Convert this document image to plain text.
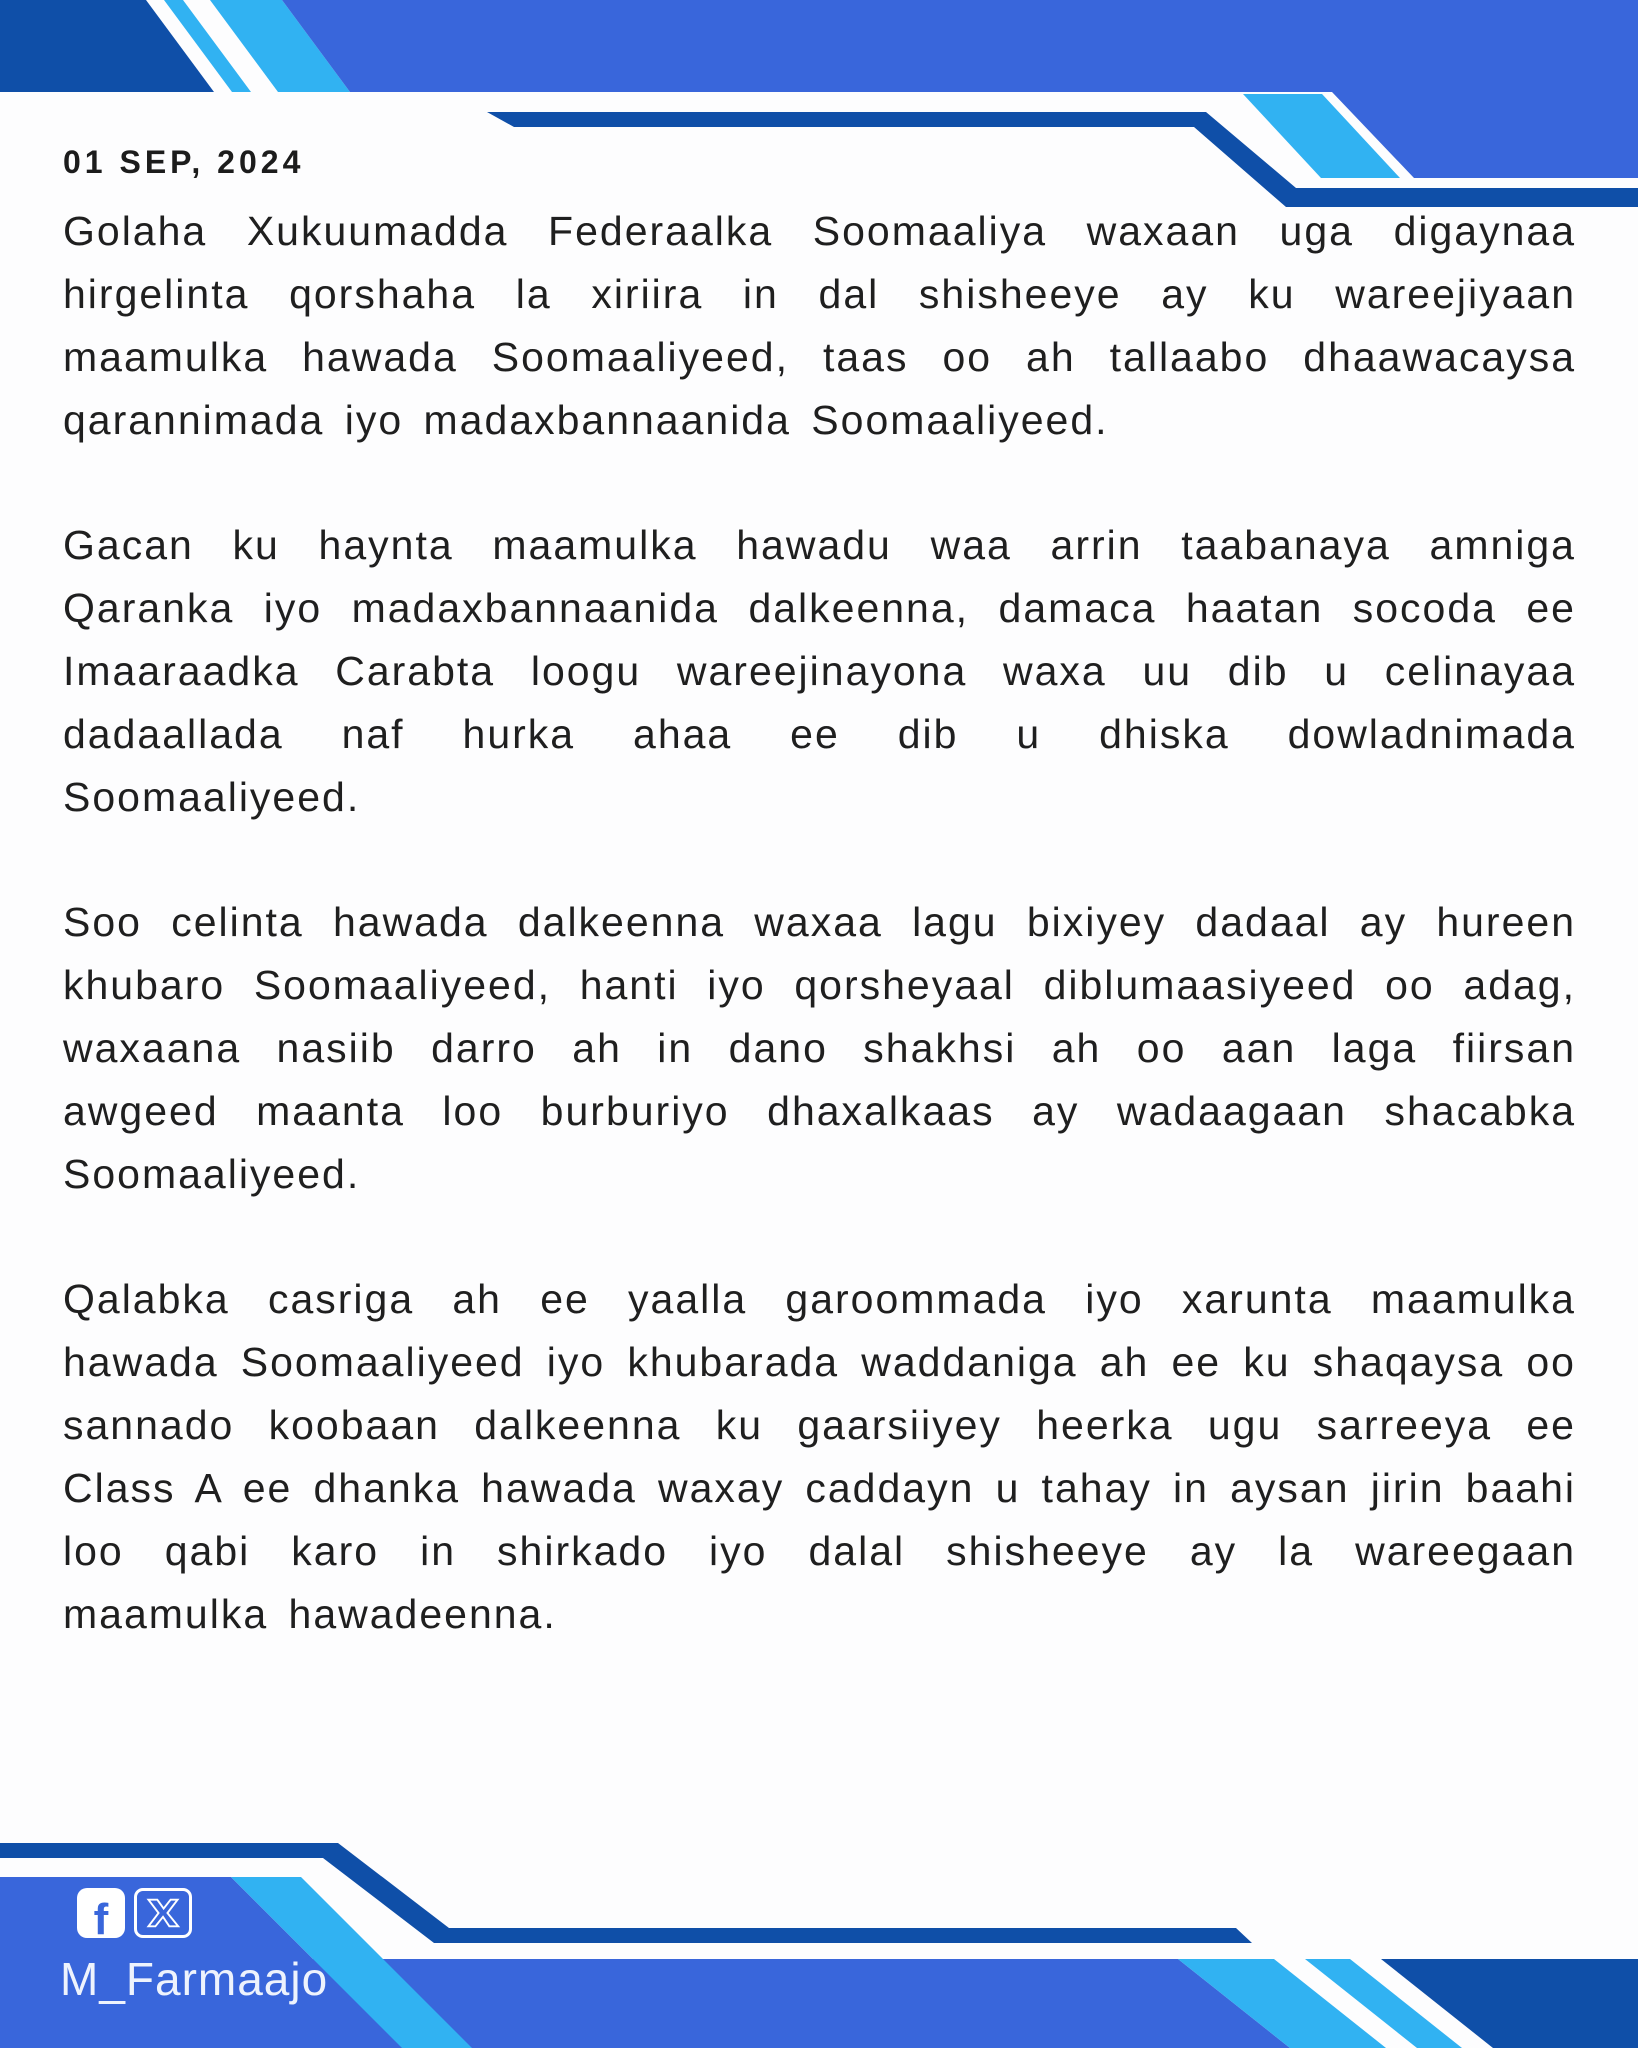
01 SEP, 2024

Golaha Xukuumadda Federaalka Soomaaliya waxaan uga digaynaa hirgelinta qorshaha la xiriira in dal shisheeye ay ku wareejiyaan maamulka hawada Soomaaliyeed, taas oo ah tallaabo dhaawacaysa qarannimada iyo madaxbannaanida Soomaaliyeed.

Gacan ku haynta maamulka hawadu waa arrin taabanaya amniga Qaranka iyo madaxbannaanida dalkeenna, damaca haatan socoda ee Imaaraadka Carabta loogu wareejinayona waxa uu dib u celinayaa dadaallada naf hurka ahaa ee dib u dhiska dowladnimada Soomaaliyeed.

Soo celinta hawada dalkeenna waxaa lagu bixiyey dadaal ay hureen khubaro Soomaaliyeed, hanti iyo qorsheyaal diblumaasiyeed oo adag, waxaana nasiib darro ah in dano shakhsi ah oo aan laga fiirsan awgeed maanta loo burburiyo dhaxalkaas ay wadaagaan shacabka Soomaaliyeed.

Qalabka casriga ah ee yaalla garoommada iyo xarunta maamulka hawada Soomaaliyeed iyo khubarada waddaniga ah ee ku shaqaysa oo sannado koobaan dalkeenna ku gaarsiiyey heerka ugu sarreeya ee Class A ee dhanka hawada waxay caddayn u tahay in aysan jirin baahi loo qabi karo in shirkado iyo dalal shisheeye ay la wareegaan maamulka hawadeenna.

f
M_Farmaajo
